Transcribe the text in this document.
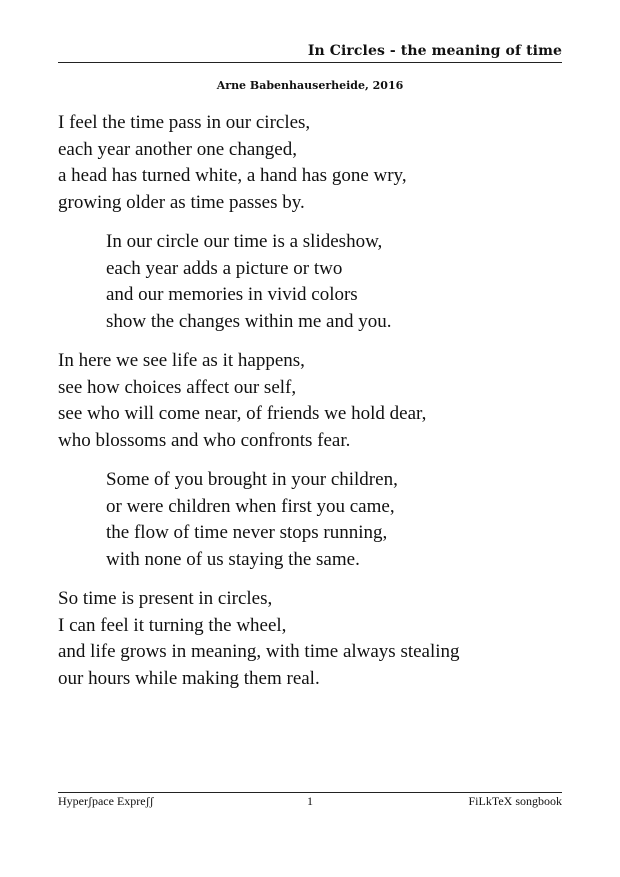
In Circles - the meaning of time
Arne Babenhauserheide, 2016
I feel the time pass in our circles,
each year another one changed,
a head has turned white, a hand has gone wry,
growing older as time passes by.
In our circle our time is a slideshow,
each year adds a picture or two
and our memories in vivid colors
show the changes within me and you.
In here we see life as it happens,
see how choices affect our self,
see who will come near, of friends we hold dear,
who blossoms and who confronts fear.
Some of you brought in your children,
or were children when first you came,
the flow of time never stops running,
with none of us staying the same.
So time is present in circles,
I can feel it turning the wheel,
and life grows in meaning, with time always stealing
our hours while making them real.
Hyperʃpace Expreʃʃ	1	FiLkTeX songbook
